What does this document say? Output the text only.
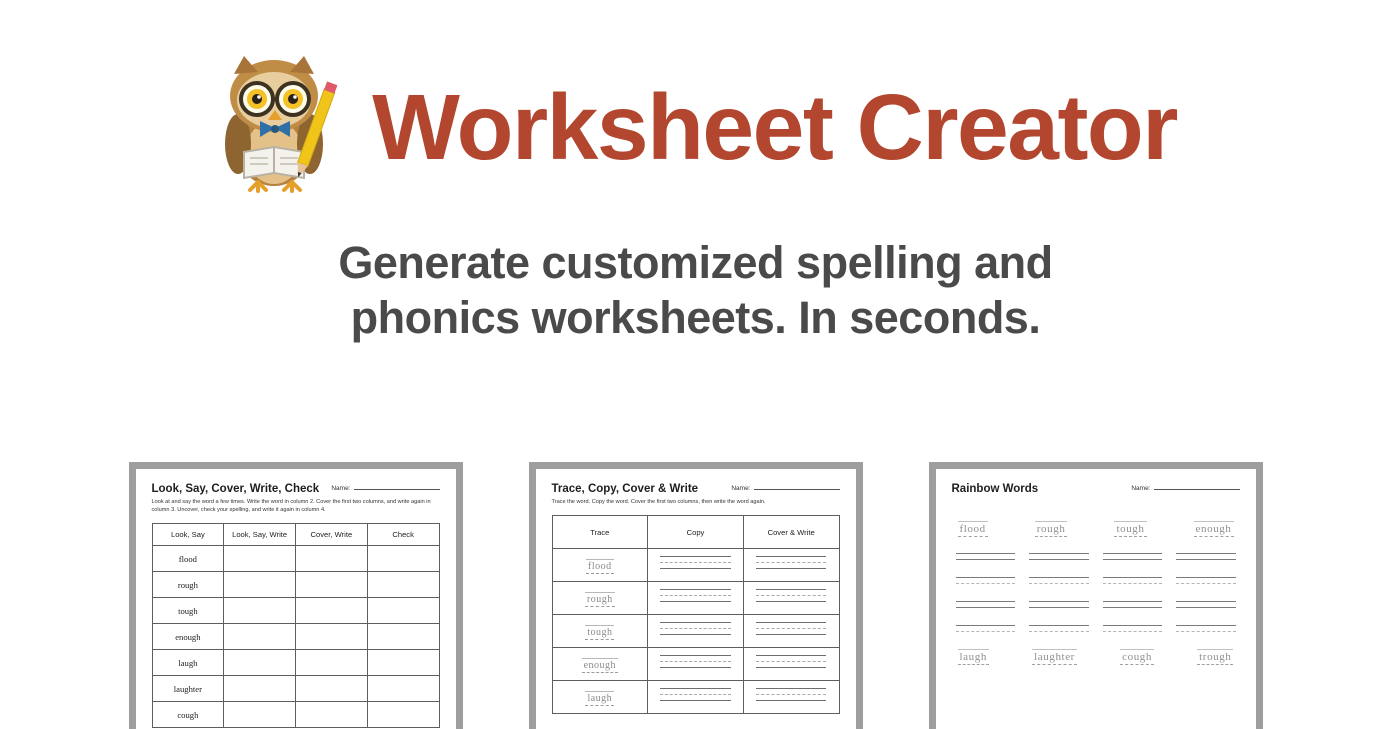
Worksheet Creator
Generate customized spelling and
phonics worksheets. In seconds.
Look, Say, Cover, Write, Check Name:
Look at and say the word a few times. Write the word in column 2. Cover the first two columns, and write again in column 3. Uncover, check your spelling, and write it again in column 4.
Look, Say	Look, Say, Write	Cover, Write	Check
flood			
rough			
tough			
enough			
laugh			
laughter			
cough			
Trace, Copy, Cover & Write	Name:
Trace the word. Copy the word. Cover the first two columns, then write the word again.
Trace	Copy	Cover & Write
flood	

rough	

tough	

enough	

laugh	

Rainbow Words	Name:
flood	rough	tough	enough
laugh	laughter	cough	trough
